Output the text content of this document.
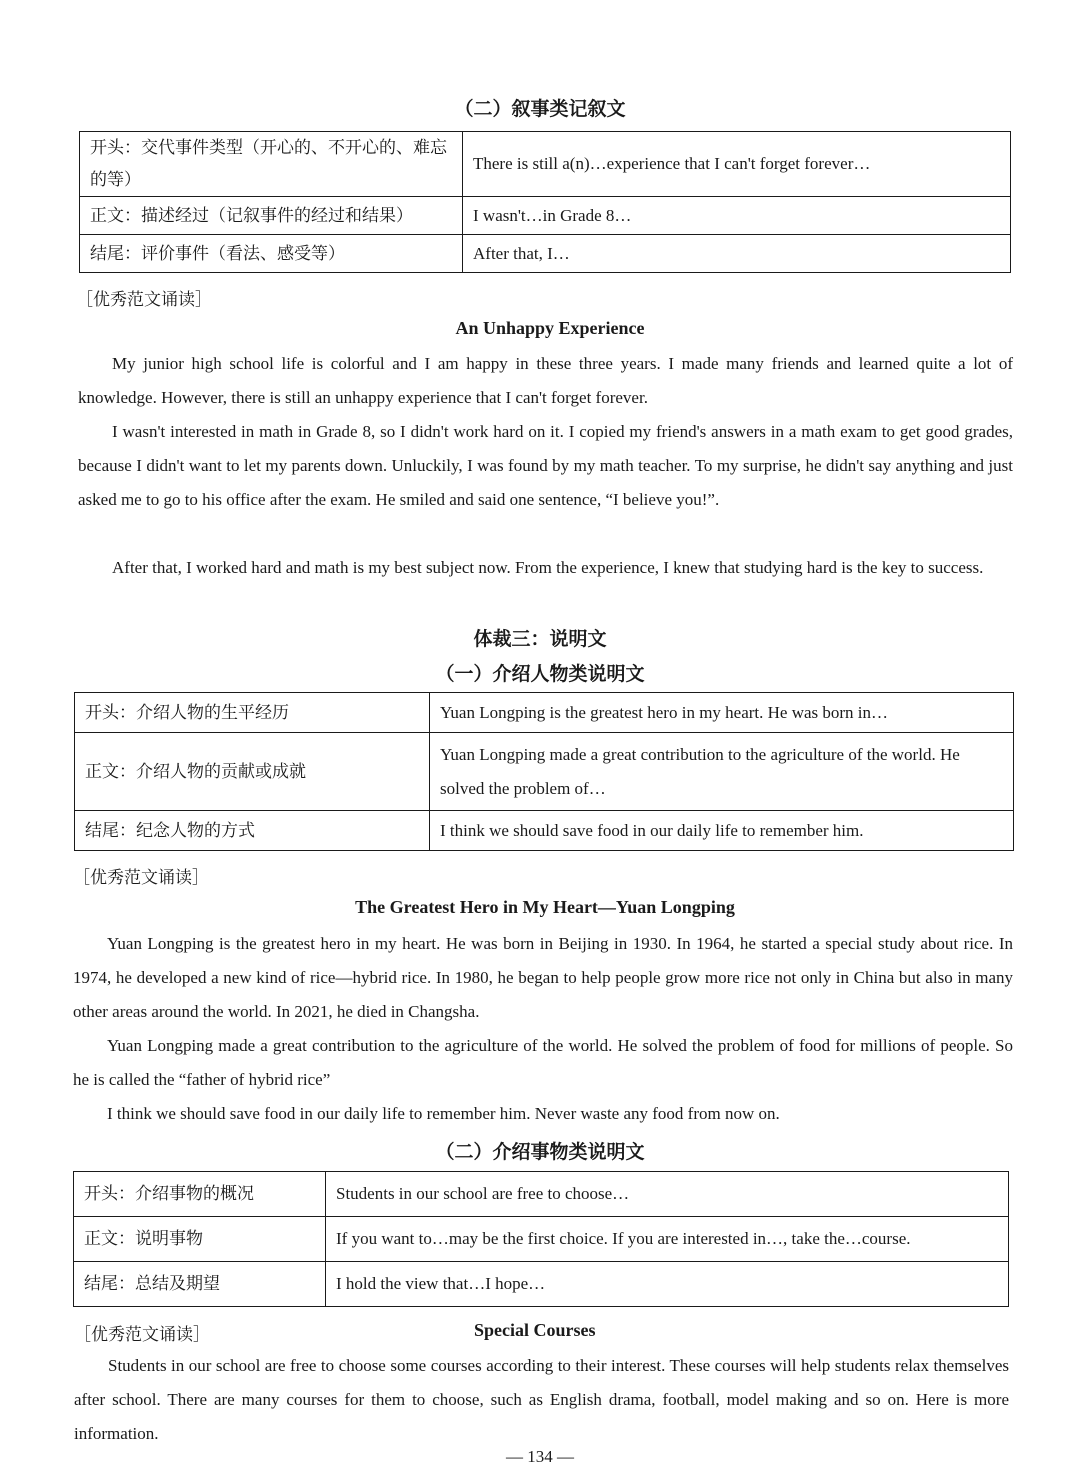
（二）叙事类记叙文
开头：交代事件类型（开心的、不开心的、难忘的等）	There is still a(n)…experience that I can't forget forever…
正文：描述经过（记叙事件的经过和结果）	I wasn't…in Grade 8…
结尾：评价事件（看法、感受等）	After that, I…
［优秀范文诵读］
An Unhappy Experience

My junior high school life is colorful and I am happy in these three years. I made many friends and learned quite a lot of knowledge. However, there is still an unhappy experience that I can't forget forever.

I wasn't interested in math in Grade 8, so I didn't work hard on it. I copied my friend's answers in a math exam to get good grades, because I didn't want to let my parents down. Unluckily, I was found by my math teacher. To my surprise, he didn't say anything and just asked me to go to his office after the exam. He smiled and said one sentence, “I believe you!”.

After that, I worked hard and math is my best subject now. From the experience, I knew that studying hard is the key to success.

体裁三：说明文
（一）介绍人物类说明文
开头：介绍人物的生平经历	Yuan Longping is the greatest hero in my heart. He was born in…
正文：介绍人物的贡献或成就	Yuan Longping made a great contribution to the agriculture of the world. He solved the problem of…
结尾：纪念人物的方式	I think we should save food in our daily life to remember him.
［优秀范文诵读］
The Greatest Hero in My Heart—Yuan Longping

Yuan Longping is the greatest hero in my heart. He was born in Beijing in 1930. In 1964, he started a special study about rice. In 1974, he developed a new kind of rice—hybrid rice. In 1980, he began to help people grow more rice not only in China but also in many other areas around the world. In 2021, he died in Changsha.

Yuan Longping made a great contribution to the agriculture of the world. He solved the problem of food for millions of people. So he is called the “father of hybrid rice”

I think we should save food in our daily life to remember him. Never waste any food from now on.

（二）介绍事物类说明文
开头：介绍事物的概况	Students in our school are free to choose…
正文：说明事物	If you want to…may be the first choice. If you are interested in…, take the…course.
结尾：总结及期望	I hold the view that…I hope…
［优秀范文诵读］	Special Courses

Students in our school are free to choose some courses according to their interest. These courses will help students relax themselves after school. There are many courses for them to choose, such as English drama, football, model making and so on. Here is more information.

— 134 —
